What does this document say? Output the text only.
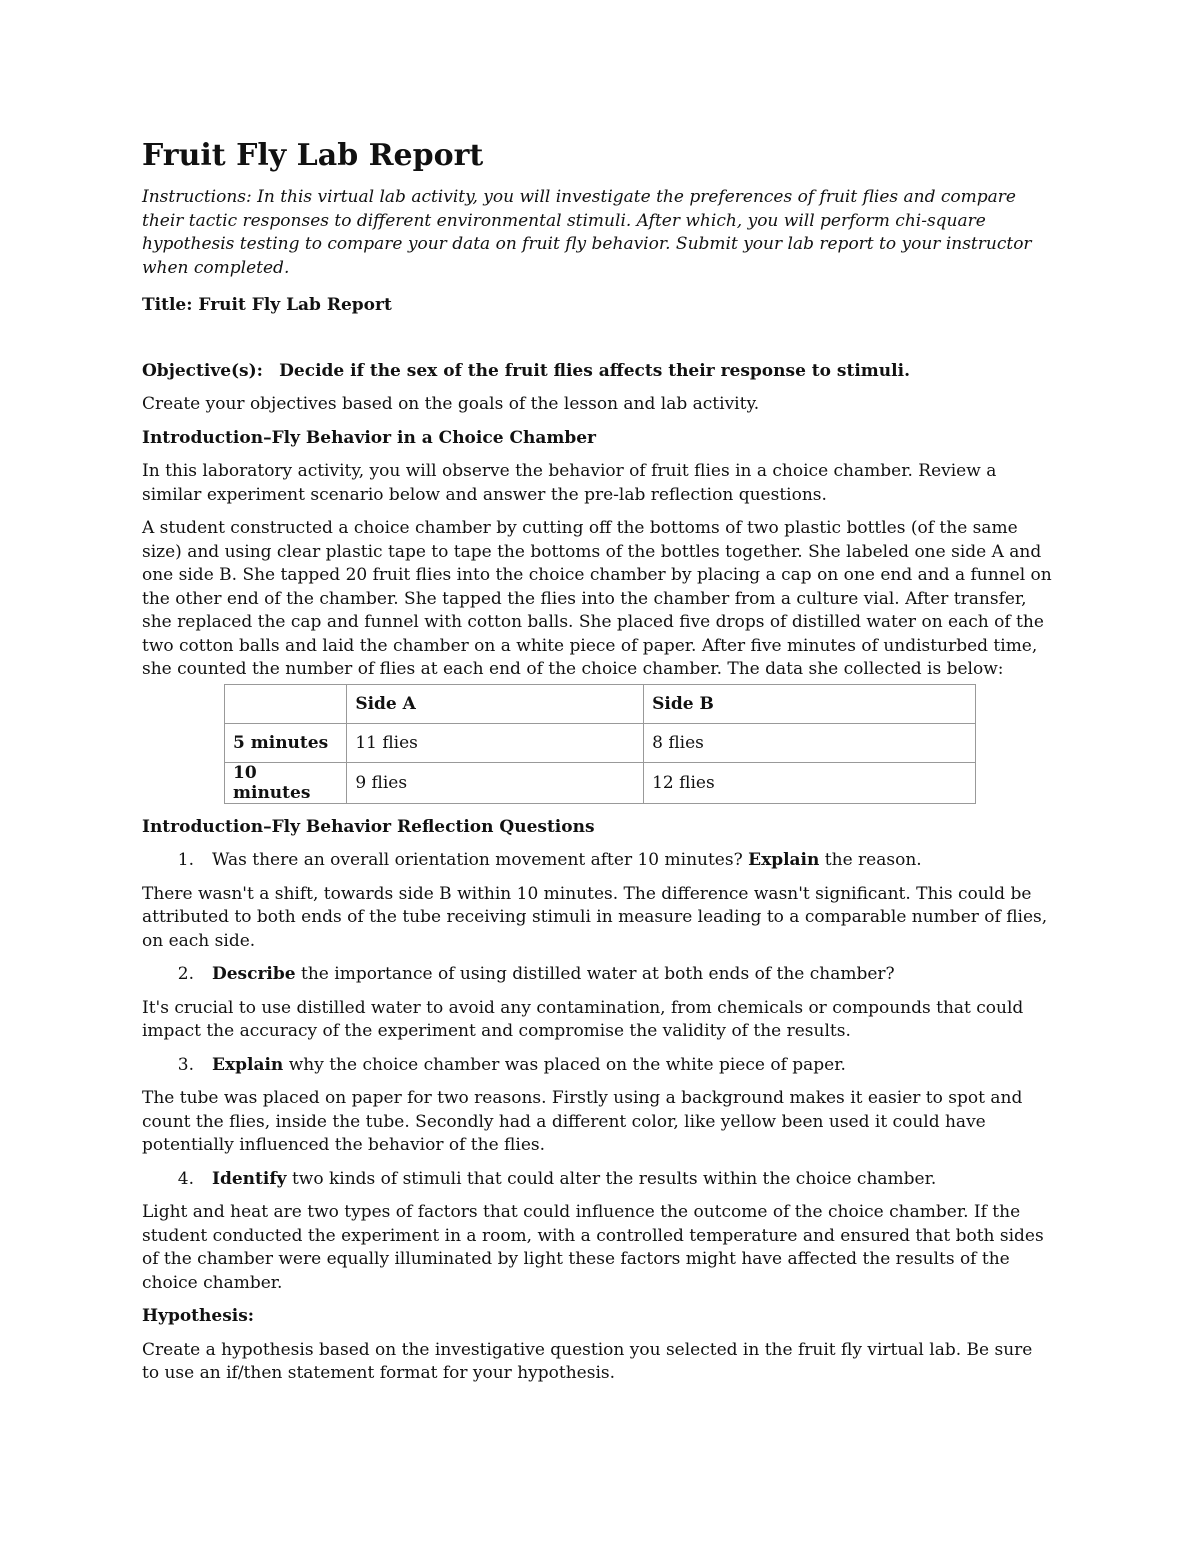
Fruit Fly Lab Report

Instructions: In this virtual lab activity, you will investigate the preferences of fruit flies and compare their tactic responses to different environmental stimuli. After which, you will perform chi-square hypothesis testing to compare your data on fruit fly behavior. Submit your lab report to your instructor when completed.

Title: Fruit Fly Lab Report

Objective(s): Decide if the sex of the fruit flies affects their response to stimuli.

Create your objectives based on the goals of the lesson and lab activity.

Introduction–Fly Behavior in a Choice Chamber

In this laboratory activity, you will observe the behavior of fruit flies in a choice chamber. Review a similar experiment scenario below and answer the pre-lab reflection questions.

A student constructed a choice chamber by cutting off the bottoms of two plastic bottles (of the same size) and using clear plastic tape to tape the bottoms of the bottles together. She labeled one side A and one side B. She tapped 20 fruit flies into the choice chamber by placing a cap on one end and a funnel on the other end of the chamber. She tapped the flies into the chamber from a culture vial. After transfer, she replaced the cap and funnel with cotton balls. She placed five drops of distilled water on each of the two cotton balls and laid the chamber on a white piece of paper. After five minutes of undisturbed time, she counted the number of flies at each end of the choice chamber. The data she collected is below:

	Side A	Side B
5 minutes	11 flies	8 flies
10 minutes	9 flies	12 flies

Introduction–Fly Behavior Reflection Questions

1.	Was there an overall orientation movement after 10 minutes? Explain the reason.

There wasn't a shift, towards side B within 10 minutes. The difference wasn't significant. This could be attributed to both ends of the tube receiving stimuli in measure leading to a comparable number of flies, on each side.

2.	Describe the importance of using distilled water at both ends of the chamber?

It's crucial to use distilled water to avoid any contamination, from chemicals or compounds that could impact the accuracy of the experiment and compromise the validity of the results.

3.	Explain why the choice chamber was placed on the white piece of paper.

The tube was placed on paper for two reasons. Firstly using a background makes it easier to spot and count the flies, inside the tube. Secondly had a different color, like yellow been used it could have potentially influenced the behavior of the flies.

4.	Identify two kinds of stimuli that could alter the results within the choice chamber.

Light and heat are two types of factors that could influence the outcome of the choice chamber. If the student conducted the experiment in a room, with a controlled temperature and ensured that both sides of the chamber were equally illuminated by light these factors might have affected the results of the choice chamber.

Hypothesis:

Create a hypothesis based on the investigative question you selected in the fruit fly virtual lab. Be sure to use an if/then statement format for your hypothesis.
